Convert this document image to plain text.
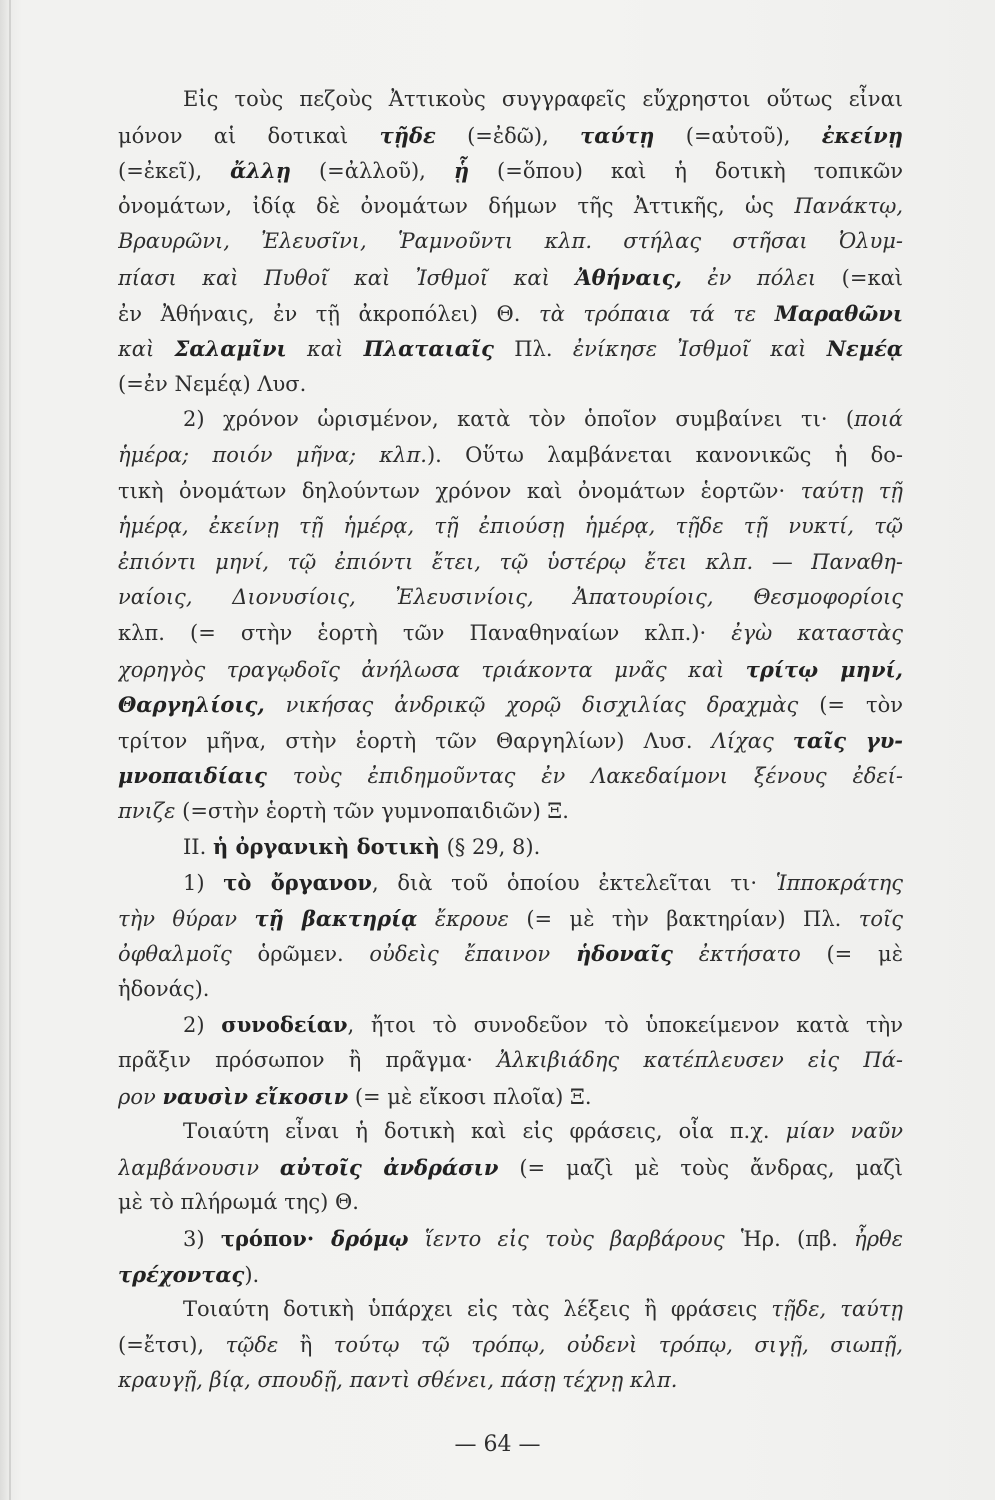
Εἰς τοὺς πεζοὺς Ἀττικοὺς συγγραφεῖς εὔχρηστοι οὕτως εἶναι
μόνον αἱ δοτικαὶ τῇδε (=ἐδῶ), ταύτῃ (=αὐτοῦ), ἐκείνῃ
(=ἐκεῖ), ἄλλῃ (=ἀλλοῦ), ᾗ (=ὅπου) καὶ ἡ δοτικὴ τοπικῶν
ὀνομάτων, ἰδίᾳ δὲ ὀνομάτων δήμων τῆς Ἀττικῆς, ὡς Πανάκτῳ,
Βραυρῶνι, Ἐλευσῖνι, Ῥαμνοῦντι κλπ. στήλας στῆσαι Ὀλυμ-
πίασι καὶ Πυθοῖ καὶ Ἰσθμοῖ καὶ Ἀθήναις, ἐν πόλει (=καὶ
ἐν Ἀθήναις, ἐν τῇ ἀκροπόλει) Θ. τὰ τρόπαια τά τε Μαραθῶνι
καὶ Σαλαμῖνι καὶ Πλαταιαῖς Πλ. ἐνίκησε Ἰσθμοῖ καὶ Νεμέᾳ
(=ἐν Νεμέᾳ) Λυσ.
2) χρόνον ὡρισμένον, κατὰ τὸν ὁποῖον συμβαίνει τι· (ποιά
ἡμέρα; ποιόν μῆνα; κλπ.). Οὕτω λαμβάνεται κανονικῶς ἡ δο-
τικὴ ὀνομάτων δηλούντων χρόνον καὶ ὀνομάτων ἑορτῶν· ταύτῃ τῇ
ἡμέρᾳ, ἐκείνῃ τῇ ἡμέρᾳ, τῇ ἐπιούσῃ ἡμέρᾳ, τῇδε τῇ νυκτί, τῷ
ἐπιόντι μηνί, τῷ ἐπιόντι ἔτει, τῷ ὑστέρῳ ἔτει κλπ. — Παναθη-
ναίοις, Διονυσίοις, Ἐλευσινίοις, Ἀπατουρίοις, Θεσμοφορίοις
κλπ. (= στὴν ἑορτὴ τῶν Παναθηναίων κλπ.)· ἐγὼ καταστὰς
χορηγὸς τραγῳδοῖς ἀνήλωσα τριάκοντα μνᾶς καὶ τρίτῳ μηνί,
Θαργηλίοις, νικήσας ἀνδρικῷ χορῷ δισχιλίας δραχμὰς (= τὸν
τρίτον μῆνα, στὴν ἑορτὴ τῶν Θαργηλίων) Λυσ. Λίχας ταῖς γυ-
μνοπαιδίαις τοὺς ἐπιδημοῦντας ἐν Λακεδαίμονι ξένους ἐδεί-
πνιζε (=στὴν ἑορτὴ τῶν γυμνοπαιδιῶν) Ξ.
II. ἡ ὀργανικὴ δοτικὴ (§ 29, 8).
1) τὸ ὄργανον, διὰ τοῦ ὁποίου ἐκτελεῖται τι· Ἱπποκράτης
τὴν θύραν τῇ βακτηρίᾳ ἔκρουε (= μὲ τὴν βακτηρίαν) Πλ. τοῖς
ὀφθαλμοῖς ὁρῶμεν. οὐδεὶς ἔπαινον ἡδοναῖς ἐκτήσατο (= μὲ
ἡδονάς).
2) συνοδείαν, ἤτοι τὸ συνοδεῦον τὸ ὑποκείμενον κατὰ τὴν
πρᾶξιν πρόσωπον ἢ πρᾶγμα· Ἀλκιβιάδης κατέπλευσεν εἰς Πά-
ρον ναυσὶν εἴκοσιν (= μὲ εἴκοσι πλοῖα) Ξ.
Τοιαύτη εἶναι ἡ δοτικὴ καὶ εἰς φράσεις, οἷα π.χ. μίαν ναῦν
λαμβάνουσιν αὐτοῖς ἀνδράσιν (= μαζὶ μὲ τοὺς ἄνδρας, μαζὶ
μὲ τὸ πλήρωμά της) Θ.
3) τρόπον· δρόμῳ ἵεντο εἰς τοὺς βαρβάρους Ἡρ. (πβ. ἦρθε
τρέχοντας).
Τοιαύτη δοτικὴ ὑπάρχει εἰς τὰς λέξεις ἢ φράσεις τῇδε, ταύτῃ
(=ἔτσι), τῷδε ἢ τούτῳ τῷ τρόπῳ, οὐδενὶ τρόπῳ, σιγῇ, σιωπῇ,
κραυγῇ, βίᾳ, σπουδῇ, παντὶ σθένει, πάσῃ τέχνῃ κλπ.
— 64 —
